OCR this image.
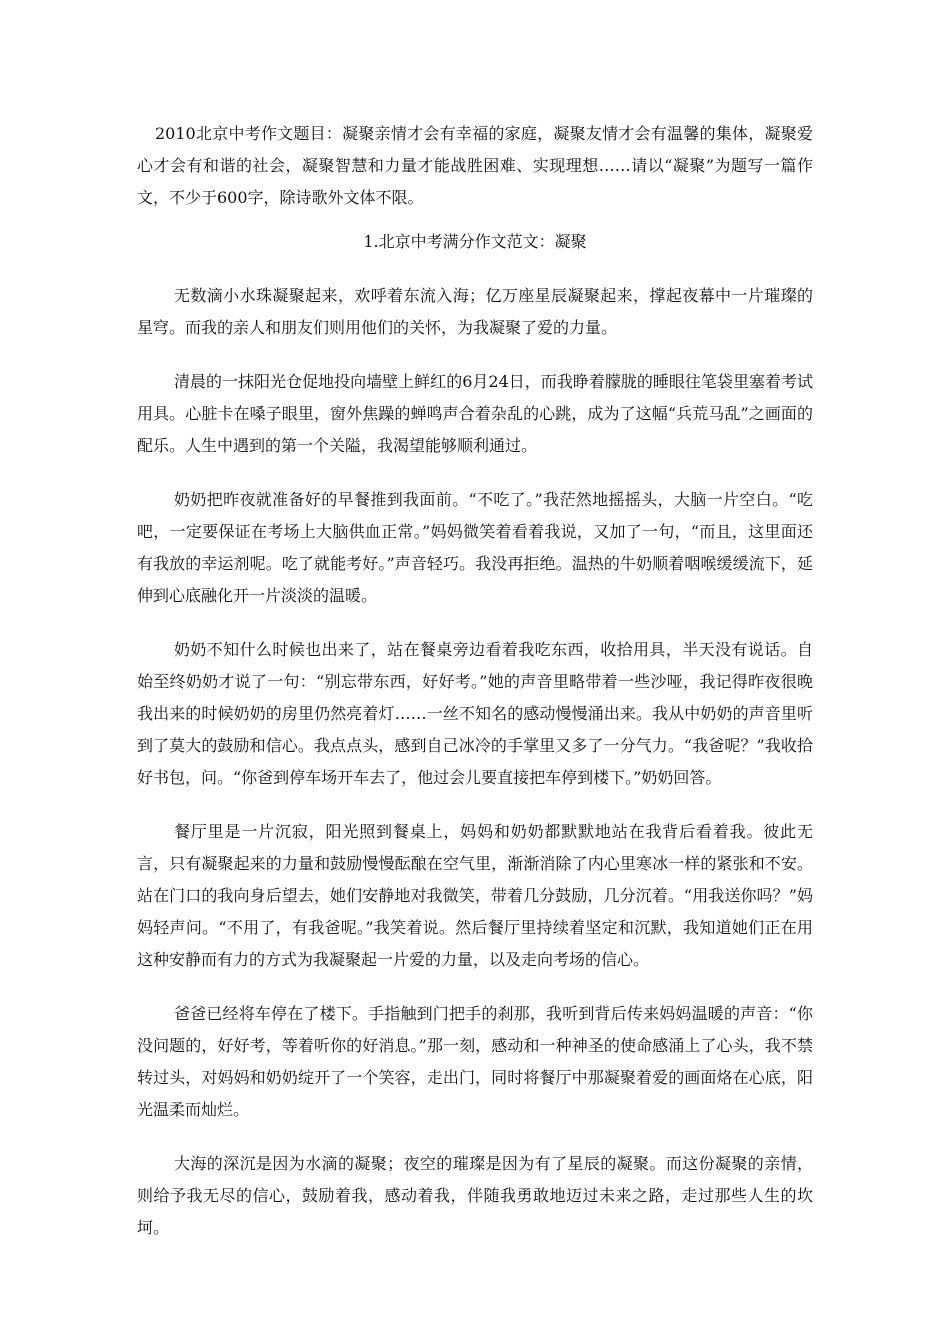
2010北京中考作文题目：凝聚亲情才会有幸福的家庭，凝聚友情才会有温馨的集体，凝聚爱心才会有和谐的社会，凝聚智慧和力量才能战胜困难、实现理想……请以“凝聚”为题写一篇作 文，不少于600字，除诗歌外文体不限。

1.北京中考满分作文范文：凝聚

无数滴小水珠凝聚起来，欢呼着东流入海；亿万座星辰凝聚起来，撑起夜幕中一片璀璨的星穹。而我的亲人和朋友们则用他们的关怀，为我凝聚了爱的力量。

清晨的一抹阳光仓促地投向墙壁上鲜红的6月24日，而我睁着朦胧的睡眼往笔袋里塞着考试用具。心脏卡在嗓子眼里，窗外焦躁的蝉鸣声合着杂乱的心跳，成为了这幅“兵荒马乱”之画面的配乐。人生中遇到的第一个关隘，我渴望能够顺利通过。

奶奶把昨夜就准备好的早餐推到我面前。“不吃了。”我茫然地摇摇头，大脑一片空白。“吃吧，一定要保证在考场上大脑供血正常。”妈妈微笑着看着我说，又加了一句，“而且，这里面还有我放的幸运剂呢。吃了就能考好。”声音轻巧。我没再拒绝。温热的牛奶顺着咽喉缓缓流下，延伸到心底融化开一片淡淡的温暖。

奶奶不知什么时候也出来了，站在餐桌旁边看着我吃东西，收拾用具，半天没有说话。自始至终奶奶才说了一句：“别忘带东西，好好考。”她的声音里略带着一些沙哑，我记得昨夜很晚我出来的时候奶奶的房里仍然亮着灯……一丝不知名的感动慢慢涌出来。我从中奶奶的声音里听到了莫大的鼓励和信心。我点点头，感到自己冰冷的手掌里又多了一分气力。“我爸呢？”我收拾好书包，问。“你爸到停车场开车去了，他过会儿要直接把车停到楼下。”奶奶回答。

餐厅里是一片沉寂，阳光照到餐桌上，妈妈和奶奶都默默地站在我背后看着我。彼此无言，只有凝聚起来的力量和鼓励慢慢酝酿在空气里，渐渐消除了内心里寒冰一样的紧张和不安。站在门口的我向身后望去，她们安静地对我微笑，带着几分鼓励，几分沉着。“用我送你吗？”妈妈轻声问。“不用了，有我爸呢。”我笑着说。然后餐厅里持续着坚定和沉默，我知道她们正在用这种安静而有力的方式为我凝聚起一片爱的力量，以及走向考场的信心。

爸爸已经将车停在了楼下。手指触到门把手的刹那，我听到背后传来妈妈温暖的声音：“你没问题的，好好考，等着听你的好消息。”那一刻，感动和一种神圣的使命感涌上了心头，我不禁转过头，对妈妈和奶奶绽开了一个笑容，走出门，同时将餐厅中那凝聚着爱的画面烙在心底，阳光温柔而灿烂。

大海的深沉是因为水滴的凝聚；夜空的璀璨是因为有了星辰的凝聚。而这份凝聚的亲情，则给予我无尽的信心，鼓励着我，感动着我，伴随我勇敢地迈过未来之路，走过那些人生的坎坷。
